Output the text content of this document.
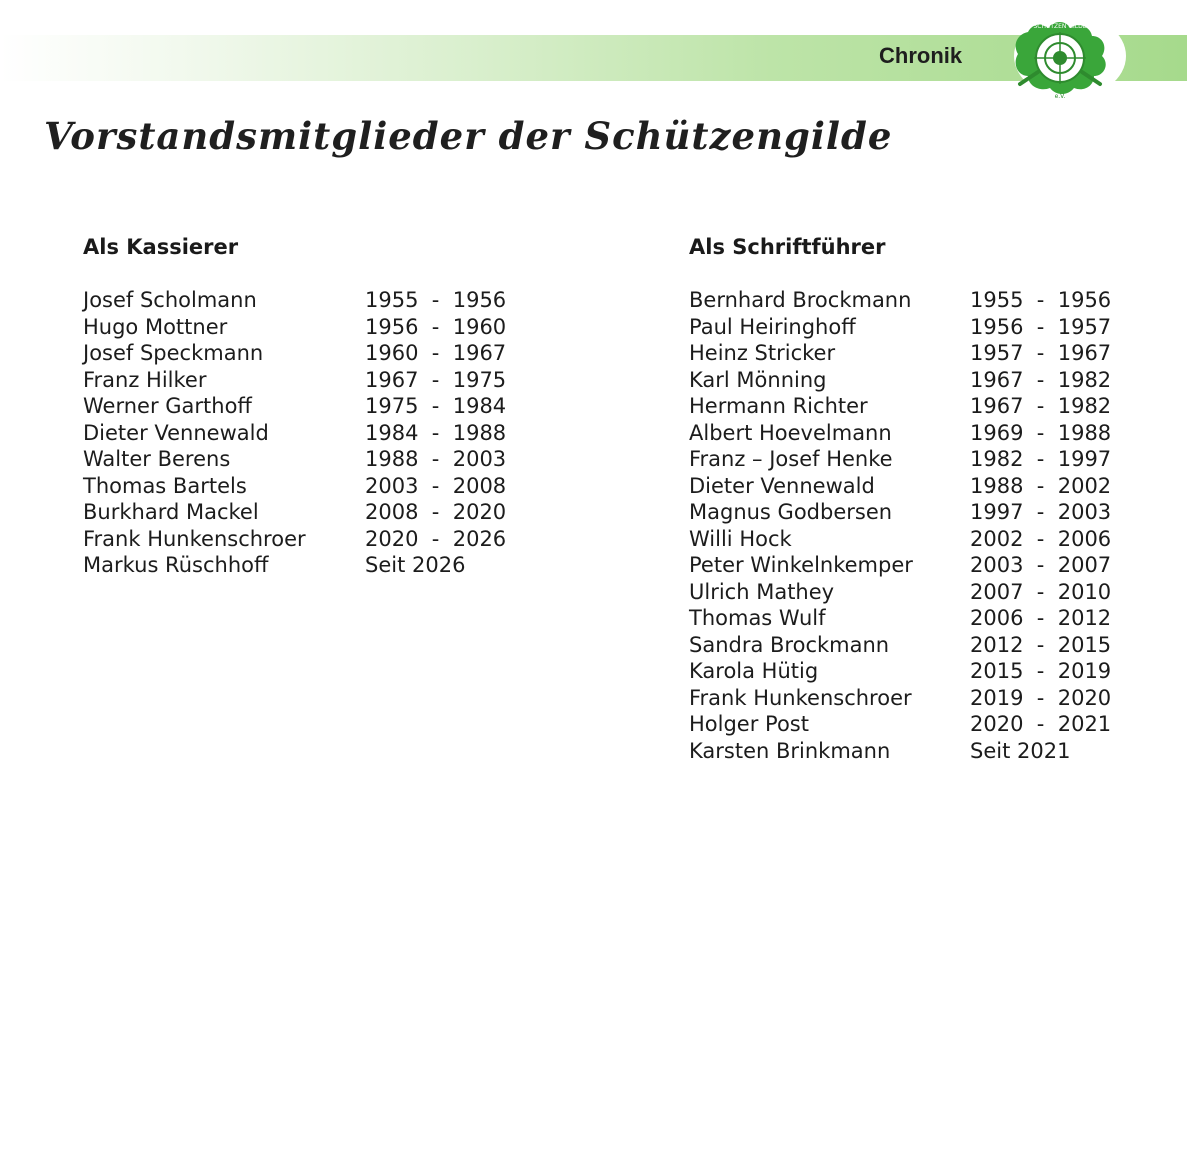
Chronik
SCHÜTZEN GILDE
e.V.
Vorstandsmitglieder der Schützengilde
Als Kassierer
Josef Scholmann	1955  -  1956
Hugo Mottner	1956  -  1960
Josef Speckmann	1960  -  1967
Franz Hilker	1967  -  1975
Werner Garthoff	1975  -  1984
Dieter Vennewald	1984  -  1988
Walter Berens	1988  -  2003
Thomas Bartels	2003  -  2008
Burkhard Mackel	2008  -  2020
Frank Hunkenschroer	2020  -  2026
Markus Rüschhoff	Seit 2026
Als Schriftführer
Bernhard Brockmann	1955  -  1956
Paul Heiringhoff	1956  -  1957
Heinz Stricker	1957  -  1967
Karl Mönning	1967  -  1982
Hermann Richter	1967  -  1982
Albert Hoevelmann	1969  -  1988
Franz – Josef Henke	1982  -  1997
Dieter Vennewald	1988  -  2002
Magnus Godbersen	1997  -  2003
Willi Hock	2002  -  2006
Peter Winkelnkemper	2003  -  2007
Ulrich Mathey	2007  -  2010
Thomas Wulf	2006  -  2012
Sandra Brockmann	2012  -  2015
Karola Hütig	2015  -  2019
Frank Hunkenschroer	2019  -  2020
Holger Post	2020  -  2021
Karsten Brinkmann	Seit 2021
